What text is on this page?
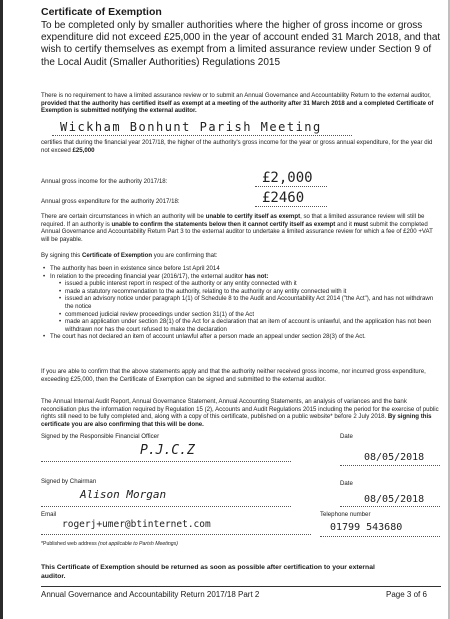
Certificate of Exemption
To be completed only by smaller authorities where the higher of gross income or gross expenditure did not exceed £25,000 in the year of account ended 31 March 2018, and that wish to certify themselves as exempt from a limited assurance review under Section 9 of the Local Audit (Smaller Authorities) Regulations 2015
There is no requirement to have a limited assurance review or to submit an Annual Governance and Accountability Return to the external auditor, provided that the authority has certified itself as exempt at a meeting of the authority after 31 March 2018 and a completed Certificate of Exemption is submitted notifying the external auditor.
Wickham Bonhunt Parish Meeting
certifies that during the financial year 2017/18, the higher of the authority's gross income for the year or gross annual expenditure, for the year did not exceed £25,000
Annual gross income for the authority 2017/18:	£2,000
Annual gross expenditure for the authority 2017/18:	£2460
There are certain circumstances in which an authority will be unable to certify itself as exempt, so that a limited assurance review will still be required. If an authority is unable to confirm the statements below then it cannot certify itself as exempt and it must submit the completed Annual Governance and Accountability Return Part 3 to the external auditor to undertake a limited assurance review for which a fee of £200 +VAT will be payable.
By signing this Certificate of Exemption you are confirming that:
• The authority has been in existence since before 1st April 2014
• In relation to the preceding financial year (2016/17), the external auditor has not:
• issued a public interest report in respect of the authority or any entity connected with it
• made a statutory recommendation to the authority, relating to the authority or any entity connected with it
• issued an advisory notice under paragraph 1(1) of Schedule 8 to the Audit and Accountability Act 2014 ("the Act"), and has not withdrawn the notice
• commenced judicial review proceedings under section 31(1) of the Act
• made an application under section 28(1) of the Act for a declaration that an item of account is unlawful, and the application has not been withdrawn nor has the court refused to make the declaration
• The court has not declared an item of account unlawful after a person made an appeal under section 28(3) of the Act.
If you are able to confirm that the above statements apply and that the authority neither received gross income, nor incurred gross expenditure, exceeding £25,000, then the Certificate of Exemption can be signed and submitted to the external auditor.
The Annual Internal Audit Report, Annual Governance Statement, Annual Accounting Statements, an analysis of variances and the bank reconciliation plus the information required by Regulation 15 (2), Accounts and Audit Regulations 2015 including the period for the exercise of public rights still need to be fully completed and, along with a copy of this certificate, published on a public website* before 2 July 2018. By signing this certificate you are also confirming that this will be done.
Signed by the Responsible Financial Officer
P.J.C.Z
Date
08/05/2018
Signed by Chairman
Alison Morgan
Date
08/05/2018
Email
rogerj+umer@btinternet.com
Telephone number
01799 543680
*Published web address (not applicable to Parish Meetings)
This Certificate of Exemption should be returned as soon as possible after certification to your external auditor.
Annual Governance and Accountability Return 2017/18 Part 2	Page 3 of 6
